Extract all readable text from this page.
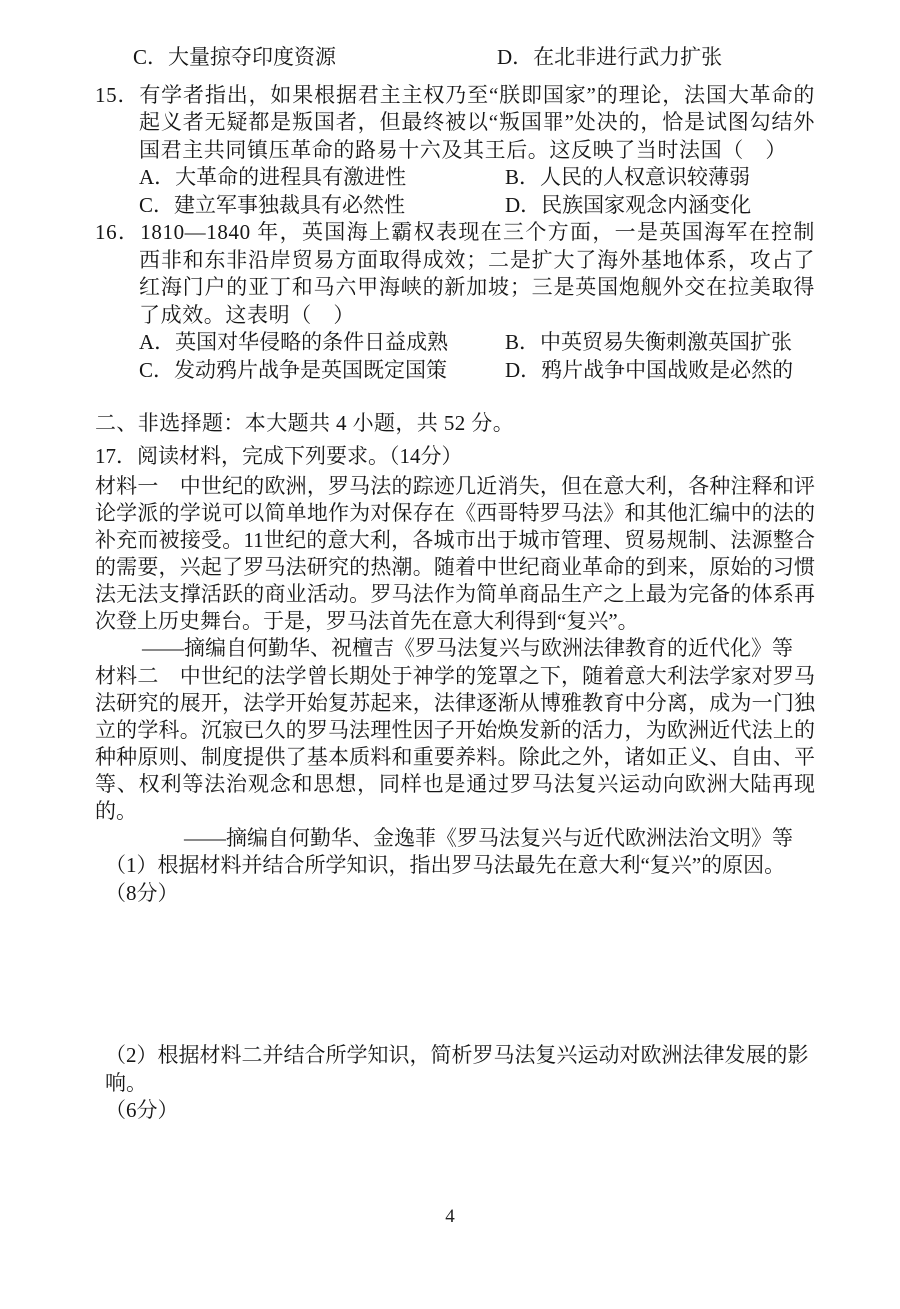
C．大量掠夺印度资源	D．在北非进行武力扩张

15．有学者指出，如果根据君主主权乃至“朕即国家”的理论，法国大革命的起义者无疑都是叛国者，但最终被以“叛国罪”处决的，恰是试图勾结外国君主共同镇压革命的路易十六及其王后。这反映了当时法国（　）

A．大革命的进程具有激进性	B．人民的人权意识较薄弱
C．建立军事独裁具有必然性	D．民族国家观念内涵变化

16．1810—1840 年，英国海上霸权表现在三个方面，一是英国海军在控制西非和东非沿岸贸易方面取得成效；二是扩大了海外基地体系，攻占了红海门户的亚丁和马六甲海峡的新加坡；三是英国炮舰外交在拉美取得了成效。这表明（　）

A．英国对华侵略的条件日益成熟	B．中英贸易失衡刺激英国扩张
C．发动鸦片战争是英国既定国策	D．鸦片战争中国战败是必然的
二、非选择题：本大题共 4 小题，共 52 分。
17．阅读材料，完成下列要求。（14分）
材料一　中世纪的欧洲，罗马法的踪迹几近消失，但在意大利，各种注释和评论学派的学说可以简单地作为对保存在《西哥特罗马法》和其他汇编中的法的补充而被接受。11世纪的意大利，各城市出于城市管理、贸易规制、法源整合的需要，兴起了罗马法研究的热潮。随着中世纪商业革命的到来，原始的习惯法无法支撑活跃的商业活动。罗马法作为简单商品生产之上最为完备的体系再次登上历史舞台。于是，罗马法首先在意大利得到“复兴”。
——摘编自何勤华、祝檀吉《罗马法复兴与欧洲法律教育的近代化》等
材料二　中世纪的法学曾长期处于神学的笼罩之下，随着意大利法学家对罗马法研究的展开，法学开始复苏起来，法律逐渐从博雅教育中分离，成为一门独立的学科。沉寂已久的罗马法理性因子开始焕发新的活力，为欧洲近代法上的种种原则、制度提供了基本质料和重要养料。除此之外，诸如正义、自由、平等、权利等法治观念和思想，同样也是通过罗马法复兴运动向欧洲大陆再现的。
——摘编自何勤华、金逸菲《罗马法复兴与近代欧洲法治文明》等
（1）根据材料并结合所学知识，指出罗马法最先在意大利“复兴”的原因。
（8分）
（2）根据材料二并结合所学知识，简析罗马法复兴运动对欧洲法律发展的影响。
（6分）
4
